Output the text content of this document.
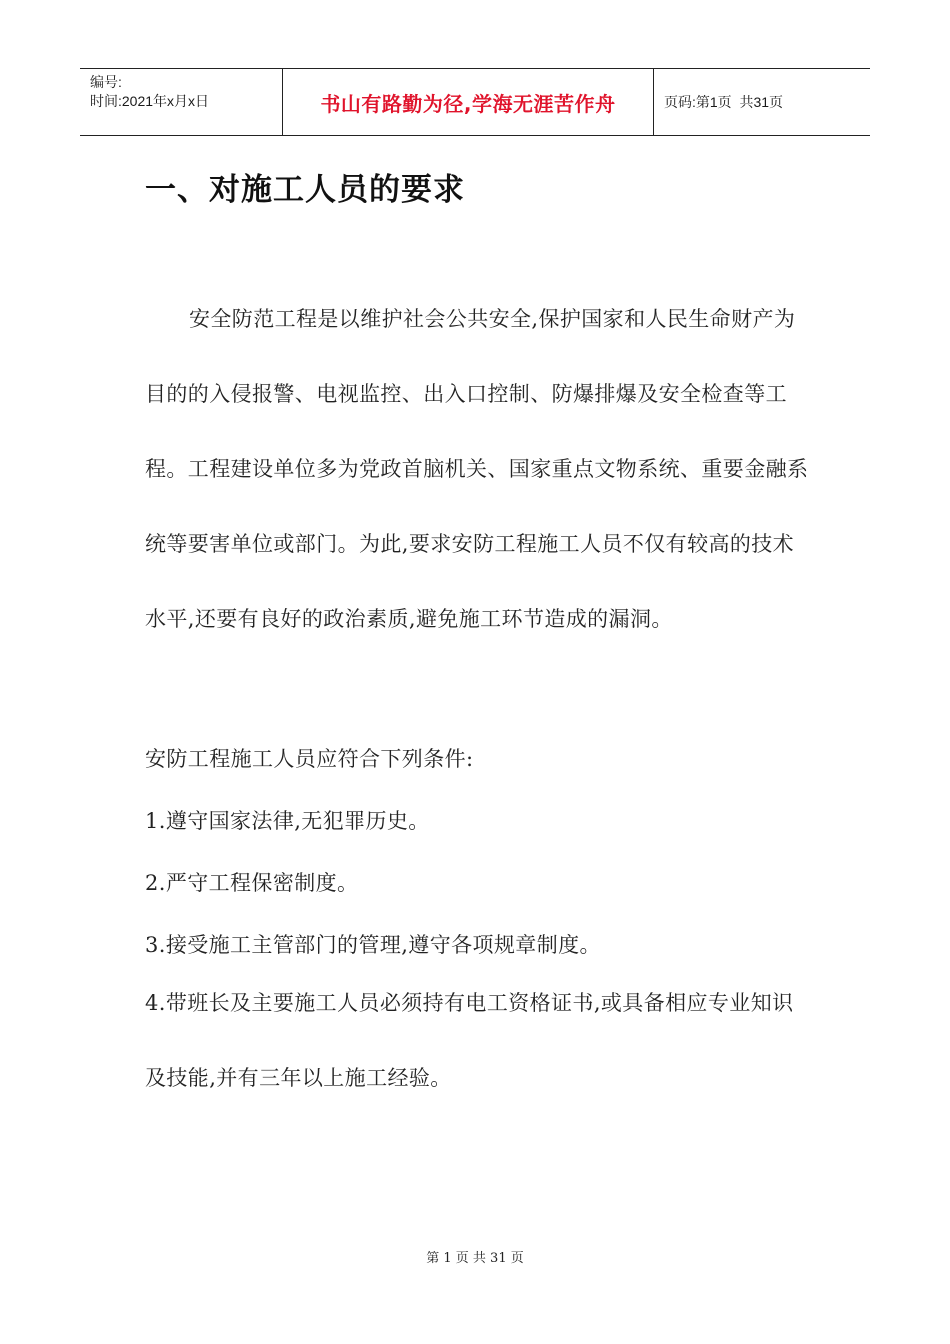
编号:
时间:2021年x月x日	书山有路勤为径,学海无涯苦作舟	页码:第1页  共31页
一、对施工人员的要求

安全防范工程是以维护社会公共安全,保护国家和人民生命财产为目的的入侵报警、电视监控、出入口控制、防爆排爆及安全检查等工程。工程建设单位多为党政首脑机关、国家重点文物系统、重要金融系统等要害单位或部门。为此,要求安防工程施工人员不仅有较高的技术水平,还要有良好的政治素质,避免施工环节造成的漏洞。

安防工程施工人员应符合下列条件:

1.遵守国家法律,无犯罪历史。

2.严守工程保密制度。

3.接受施工主管部门的管理,遵守各项规章制度。

4.带班长及主要施工人员必须持有电工资格证书,或具备相应专业知识及技能,并有三年以上施工经验。

第 1 页 共 31 页
